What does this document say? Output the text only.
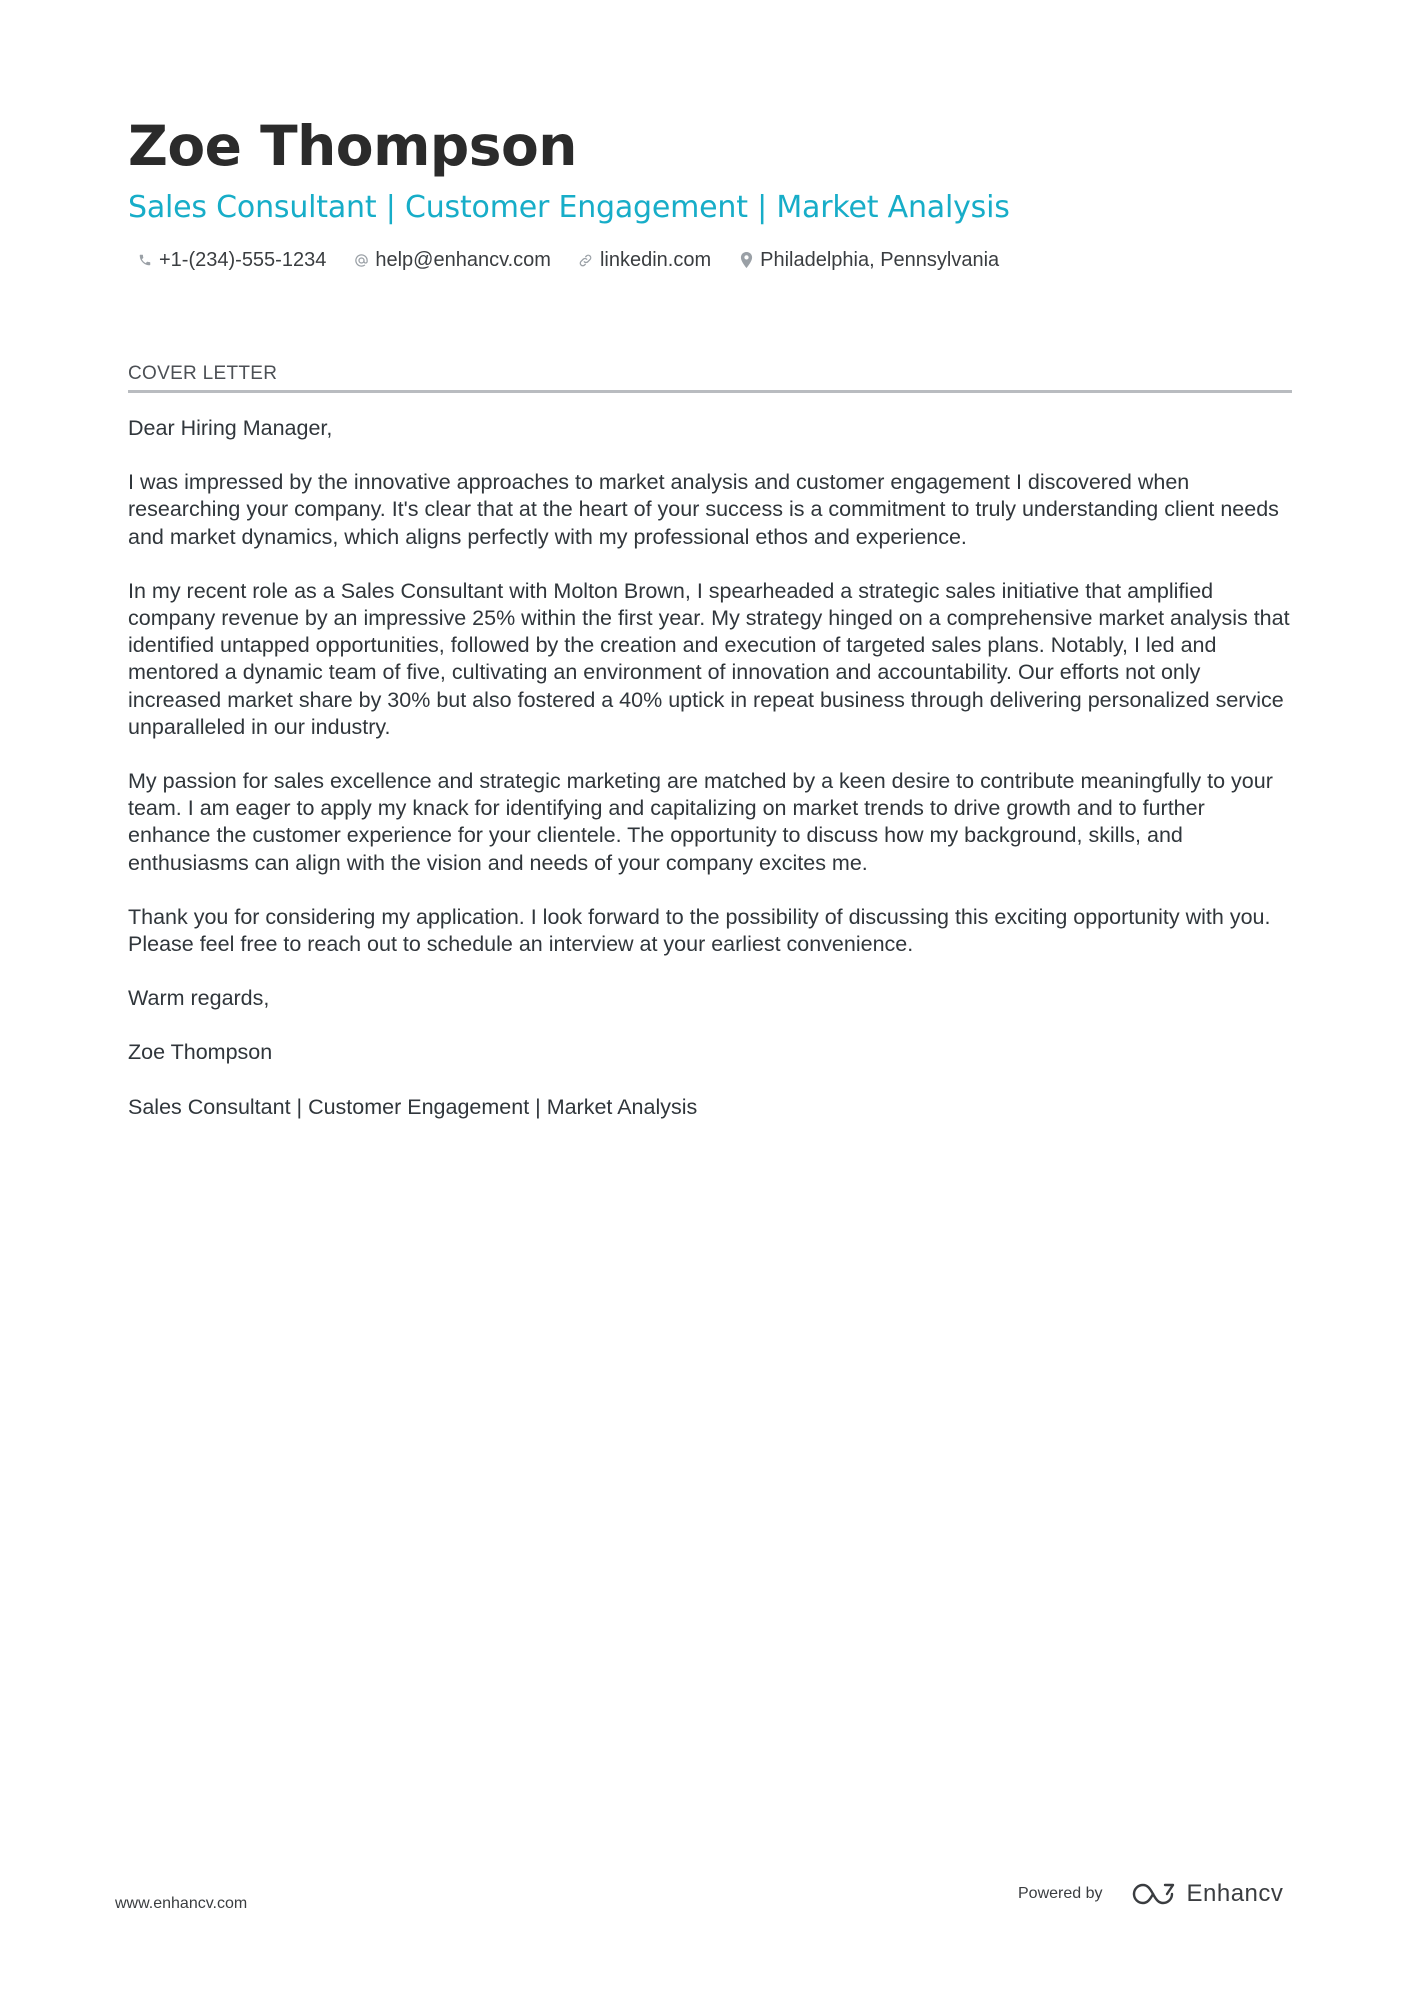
Zoe Thompson
Sales Consultant | Customer Engagement | Market Analysis
+1-(234)-555-1234 help@enhancv.com linkedin.com Philadelphia, Pennsylvania
COVER LETTER

Dear Hiring Manager,

I was impressed by the innovative approaches to market analysis and customer engagement I discovered when researching your company. It's clear that at the heart of your success is a commitment to truly understanding client needs and market dynamics, which aligns perfectly with my professional ethos and experience.

In my recent role as a Sales Consultant with Molton Brown, I spearheaded a strategic sales initiative that amplified company revenue by an impressive 25% within the first year. My strategy hinged on a comprehensive market analysis that identified untapped opportunities, followed by the creation and execution of targeted sales plans. Notably, I led and mentored a dynamic team of five, cultivating an environment of innovation and accountability. Our efforts not only increased market share by 30% but also fostered a 40% uptick in repeat business through delivering personalized service unparalleled in our industry.

My passion for sales excellence and strategic marketing are matched by a keen desire to contribute meaningfully to your team. I am eager to apply my knack for identifying and capitalizing on market trends to drive growth and to further enhance the customer experience for your clientele. The opportunity to discuss how my background, skills, and enthusiasms can align with the vision and needs of your company excites me.

Thank you for considering my application. I look forward to the possibility of discussing this exciting opportunity with you. Please feel free to reach out to schedule an interview at your earliest convenience.

Warm regards,

Zoe Thompson

Sales Consultant | Customer Engagement | Market Analysis

www.enhancv.com
Powered by	Enhancv
